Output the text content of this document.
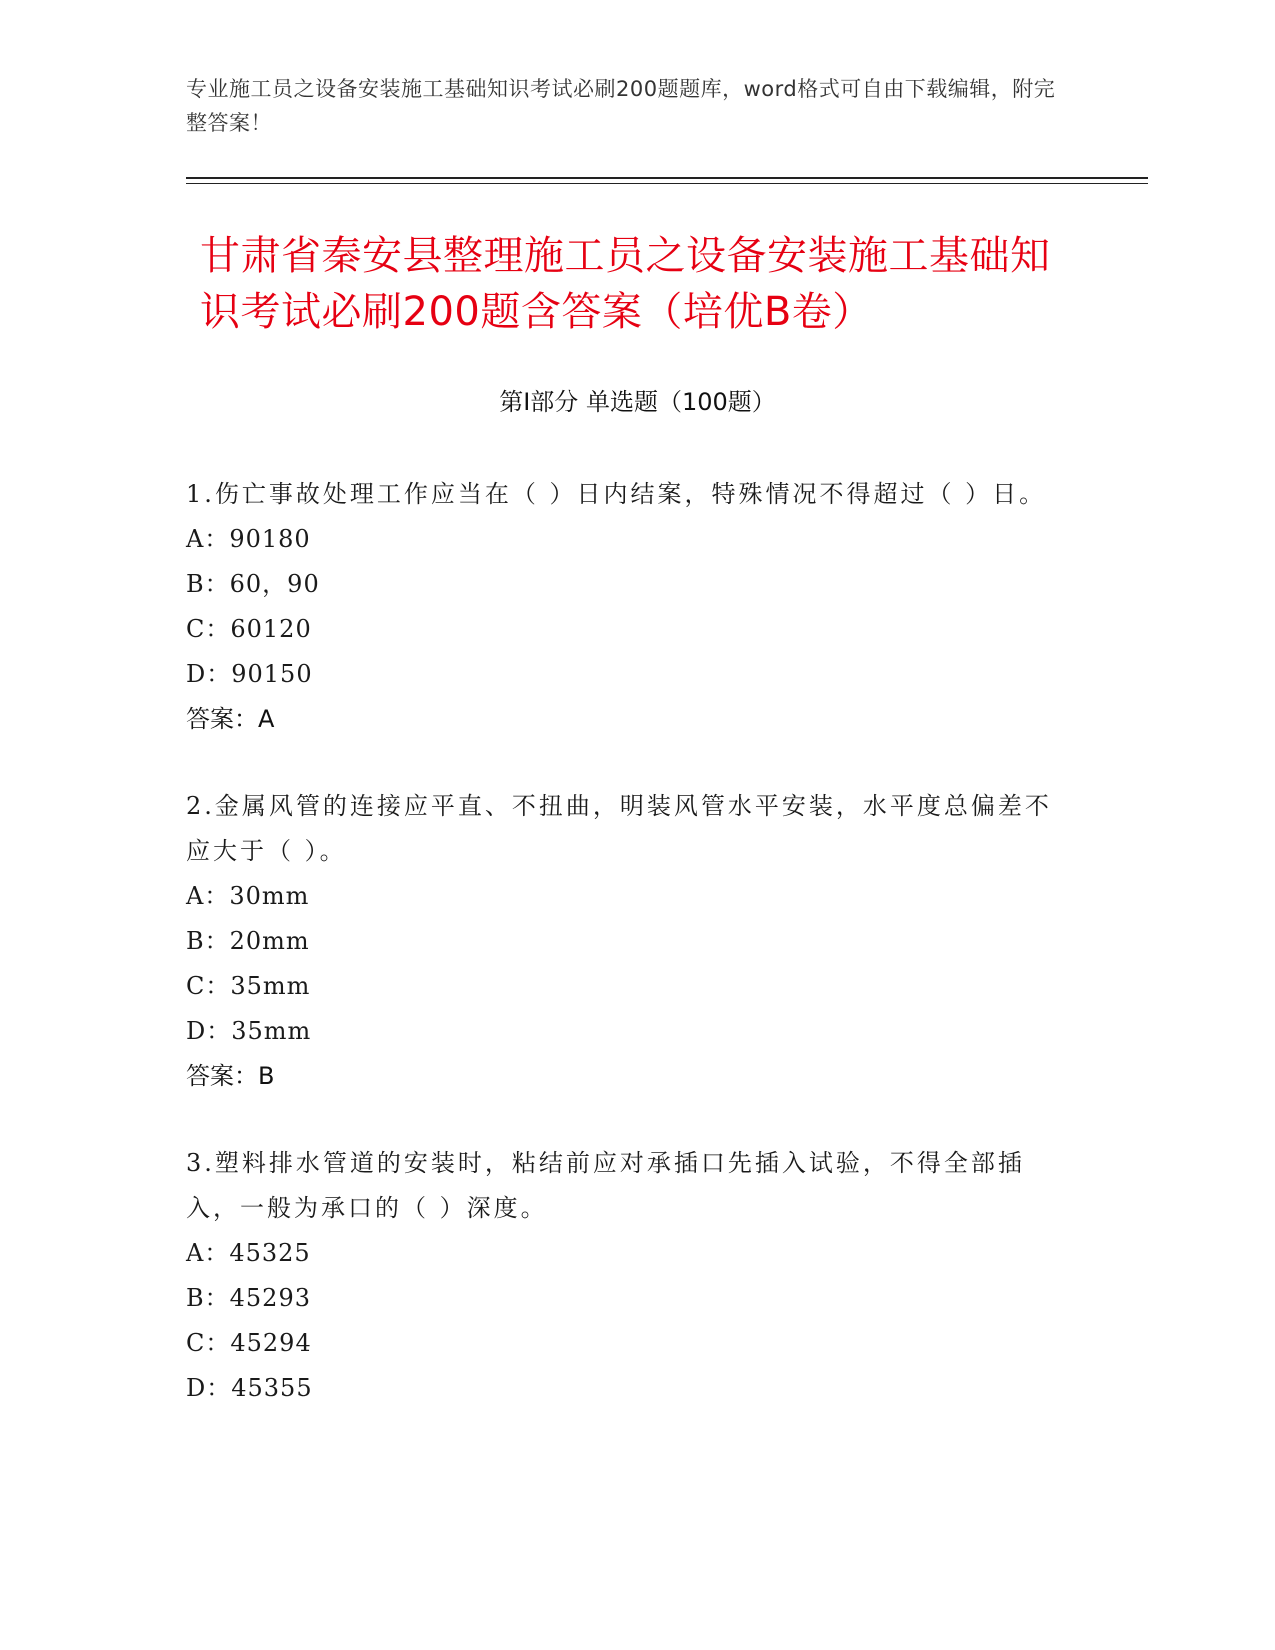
专业施工员之设备安装施工基础知识考试必刷200题题库，word格式可自由下载编辑，附完整答案！
甘肃省秦安县整理施工员之设备安装施工基础知识考试必刷200题含答案（培优B卷）
第I部分 单选题（100题）
1.伤亡事故处理工作应当在（ ）日内结案，特殊情况不得超过（ ）日。
A：90180
B：60，90
C：60120
D：90150
答案：A
2.金属风管的连接应平直、不扭曲，明装风管水平安装，水平度总偏差不应大于（ ）。
A：30mm
B：20mm
C：35mm
D：35mm
答案：B
3.塑料排水管道的安装时，粘结前应对承插口先插入试验，不得全部插入，一般为承口的（ ）深度。
A：45325
B：45293
C：45294
D：45355
